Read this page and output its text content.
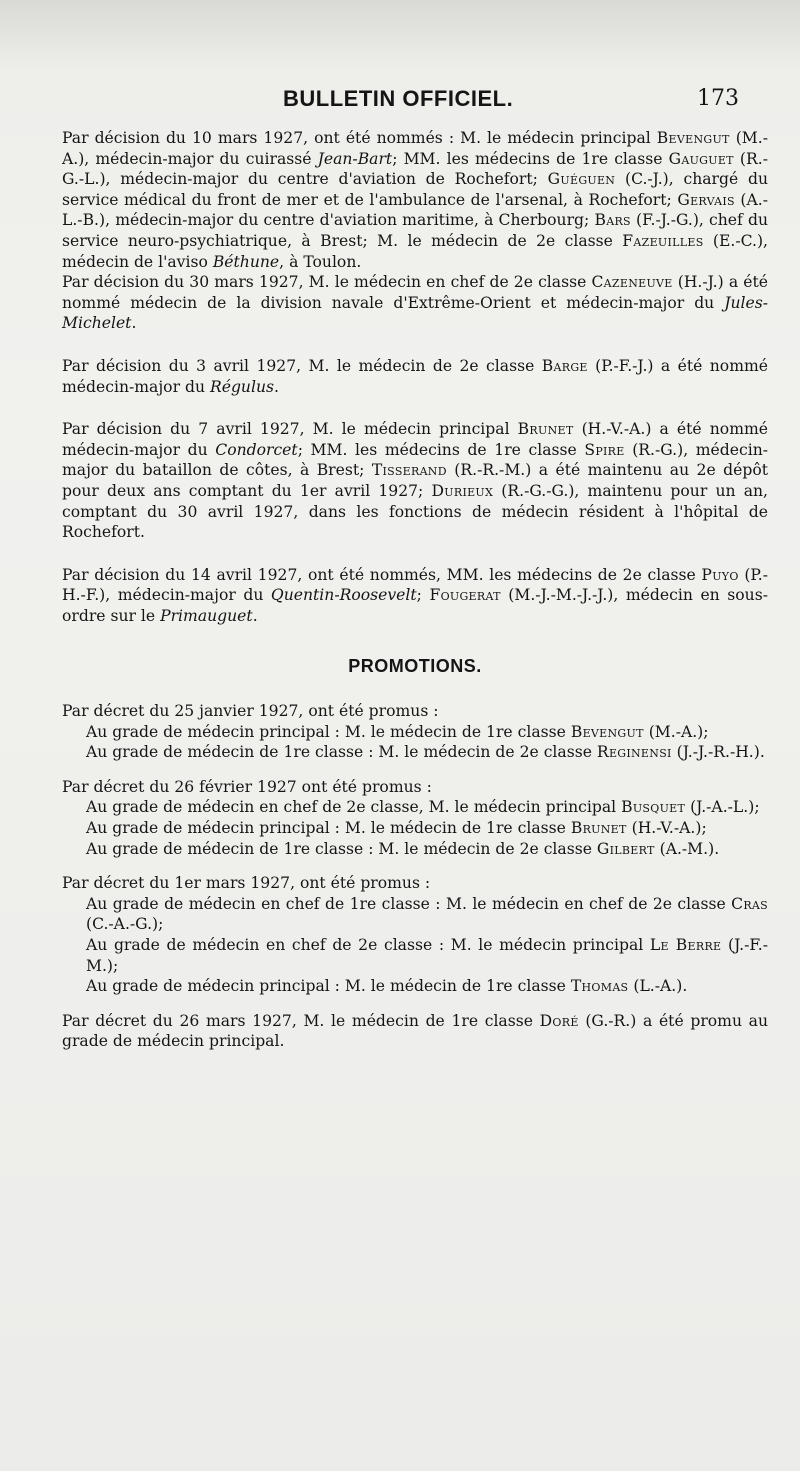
BULLETIN OFFICIEL.	173

Par décision du 10 mars 1927, ont été nommés : M. le médecin principal Bevengut (M.-A.), médecin-major du cuirassé Jean-Bart; MM. les médecins de 1re classe Gauguet (R.-G.-L.), médecin-major du centre d'aviation de Rochefort; Guéguen (C.-J.), chargé du service médical du front de mer et de l'ambulance de l'arsenal, à Rochefort; Gervais (A.-L.-B.), médecin-major du centre d'aviation maritime, à Cherbourg; Bars (F.-J.-G.), chef du service neuro-psychiatrique, à Brest; M. le médecin de 2e classe Fazeuilles (E.-C.), médecin de l'aviso Béthune, à Toulon.

Par décision du 30 mars 1927, M. le médecin en chef de 2e classe Cazeneuve (H.-J.) a été nommé médecin de la division navale d'Extrême-Orient et médecin-major du Jules-Michelet.

Par décision du 3 avril 1927, M. le médecin de 2e classe Barge (P.-F.-J.) a été nommé médecin-major du Régulus.

Par décision du 7 avril 1927, M. le médecin principal Brunet (H.-V.-A.) a été nommé médecin-major du Condorcet; MM. les médecins de 1re classe Spire (R.-G.), médecin-major du bataillon de côtes, à Brest; Tisserand (R.-R.-M.) a été maintenu au 2e dépôt pour deux ans comptant du 1er avril 1927; Durieux (R.-G.-G.), maintenu pour un an, comptant du 30 avril 1927, dans les fonctions de médecin résident à l'hôpital de Rochefort.

Par décision du 14 avril 1927, ont été nommés, MM. les médecins de 2e classe Puyo (P.-H.-F.), médecin-major du Quentin-Roosevelt; Fougerat (M.-J.-M.-J.-J.), médecin en sous-ordre sur le Primauguet.

PROMOTIONS.

Par décret du 25 janvier 1927, ont été promus :

Au grade de médecin principal : M. le médecin de 1re classe Bevengut (M.-A.);

Au grade de médecin de 1re classe : M. le médecin de 2e classe Reginensi (J.-J.-R.-H.).

Par décret du 26 février 1927 ont été promus :

Au grade de médecin en chef de 2e classe, M. le médecin principal Busquet (J.-A.-L.);

Au grade de médecin principal : M. le médecin de 1re classe Brunet (H.-V.-A.);

Au grade de médecin de 1re classe : M. le médecin de 2e classe Gilbert (A.-M.).

Par décret du 1er mars 1927, ont été promus :

Au grade de médecin en chef de 1re classe : M. le médecin en chef de 2e classe Cras (C.-A.-G.);

Au grade de médecin en chef de 2e classe : M. le médecin principal Le Berre (J.-F.-M.);

Au grade de médecin principal : M. le médecin de 1re classe Thomas (L.-A.).

Par décret du 26 mars 1927, M. le médecin de 1re classe Doré (G.-R.) a été promu au grade de médecin principal.
